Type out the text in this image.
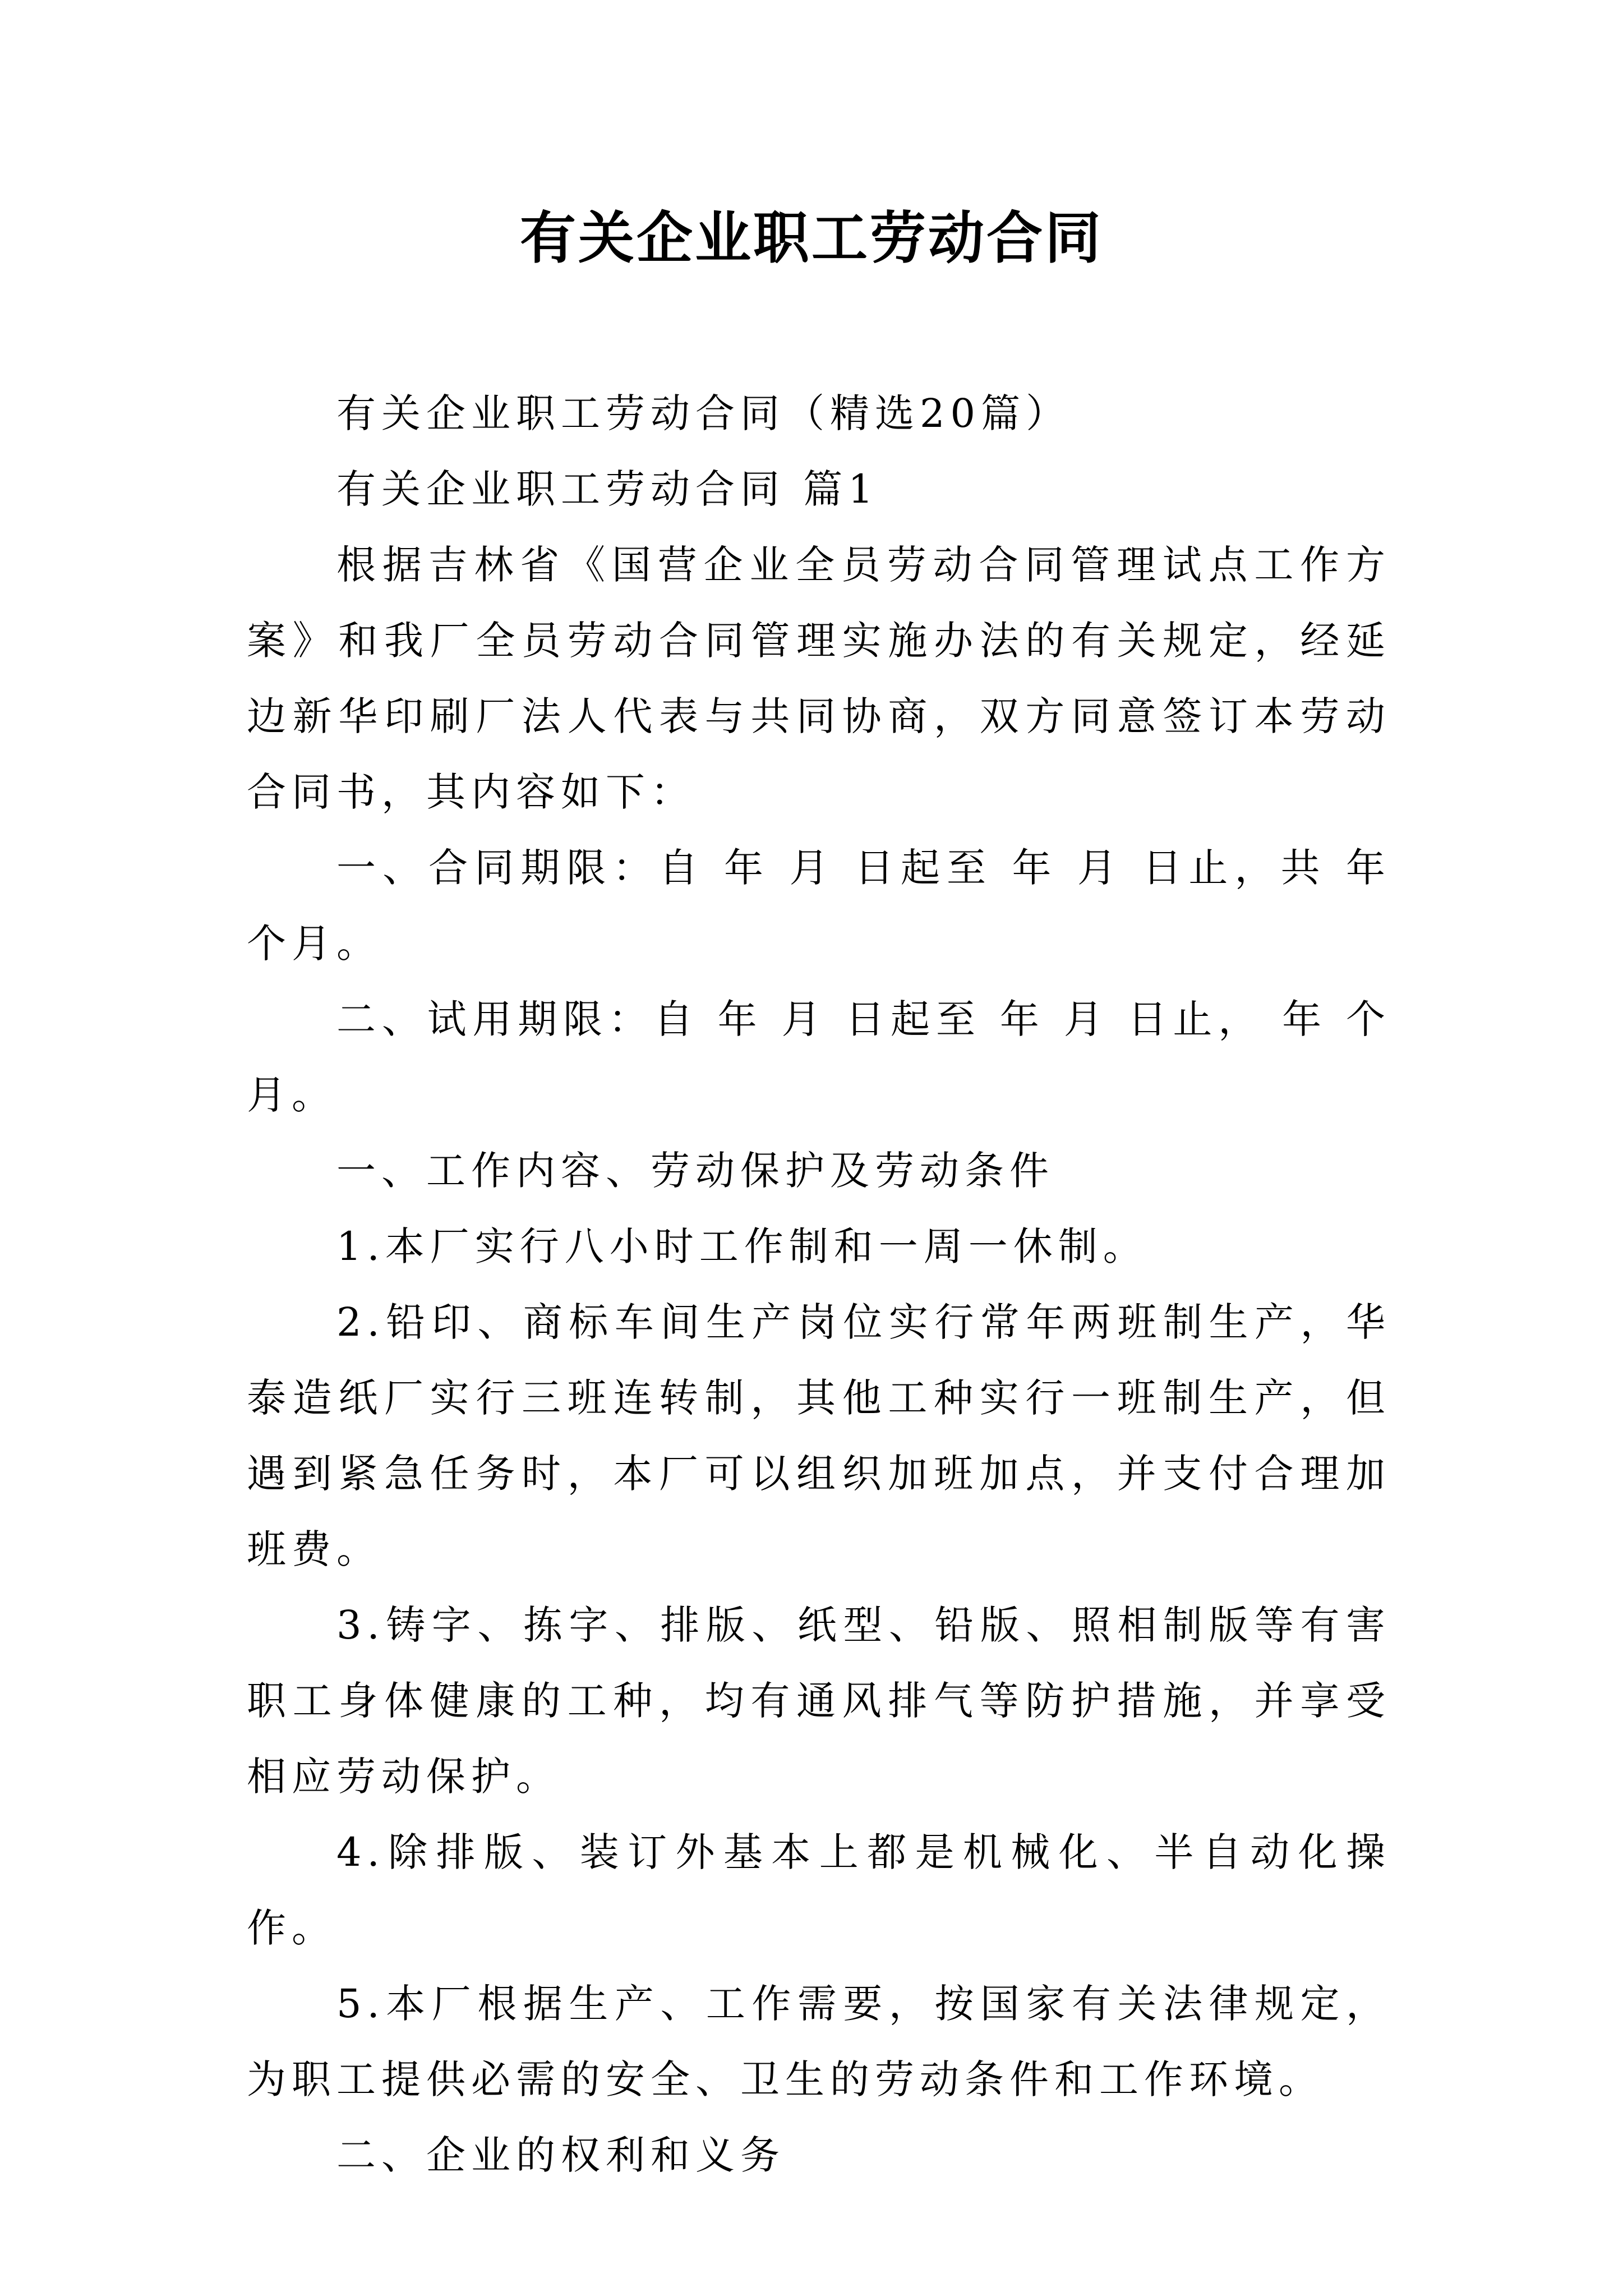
有关企业职工劳动合同

有关企业职工劳动合同（精选20篇）

有关企业职工劳动合同 篇1

根据吉林省《国营企业全员劳动合同管理试点工作方案》和我厂全员劳动合同管理实施办法的有关规定，经延边新华印刷厂法人代表与共同协商，双方同意签订本劳动合同书，其内容如下：

一、合同期限：自 年 月 日起至 年 月 日止，共 年 个月。

二、试用期限：自 年 月 日起至 年 月 日止， 年 个月。

一、工作内容、劳动保护及劳动条件

1.本厂实行八小时工作制和一周一休制。

2.铅印、商标车间生产岗位实行常年两班制生产，华泰造纸厂实行三班连转制，其他工种实行一班制生产，但遇到紧急任务时，本厂可以组织加班加点，并支付合理加班费。

3.铸字、拣字、排版、纸型、铅版、照相制版等有害职工身体健康的工种，均有通风排气等防护措施，并享受相应劳动保护。

4.除排版、装订外基本上都是机械化、半自动化操作。

5.本厂根据生产、工作需要，按国家有关法律规定，为职工提供必需的安全、卫生的劳动条件和工作环境。

二、企业的权利和义务
